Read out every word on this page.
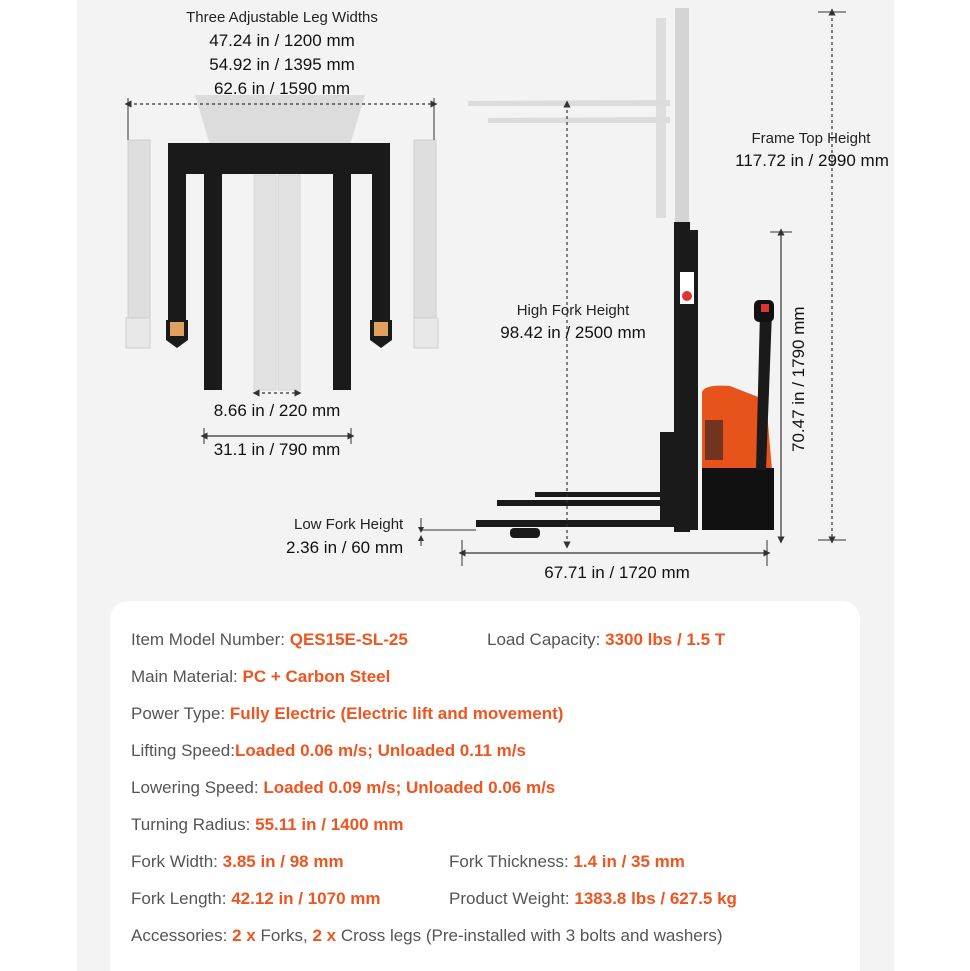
Three Adjustable Leg Widths
47.24 in / 1200 mm
54.92 in / 1395 mm
62.6 in / 1590 mm
8.66 in / 220 mm
31.1 in / 790 mm
Frame Top Height
117.72 in / 2990 mm
High Fork Height
98.42 in / 2500 mm	70.47 in / 1790 mm
Low Fork Height
2.36 in / 60 mm
67.71 in / 1720 mm
Item Model Number: QES15E-SL-25	Load Capacity: 3300 lbs / 1.5 T
Main Material: PC + Carbon Steel
Power Type: Fully Electric (Electric lift and movement)
Lifting Speed:Loaded 0.06 m/s; Unloaded 0.11 m/s
Lowering Speed: Loaded 0.09 m/s; Unloaded 0.06 m/s
Turning Radius: 55.11 in / 1400 mm
Fork Width: 3.85 in / 98 mm	Fork Thickness: 1.4 in / 35 mm
Fork Length: 42.12 in / 1070 mm	Product Weight: 1383.8 lbs / 627.5 kg
Accessories: 2 x Forks, 2 x Cross legs (Pre-installed with 3 bolts and washers)
